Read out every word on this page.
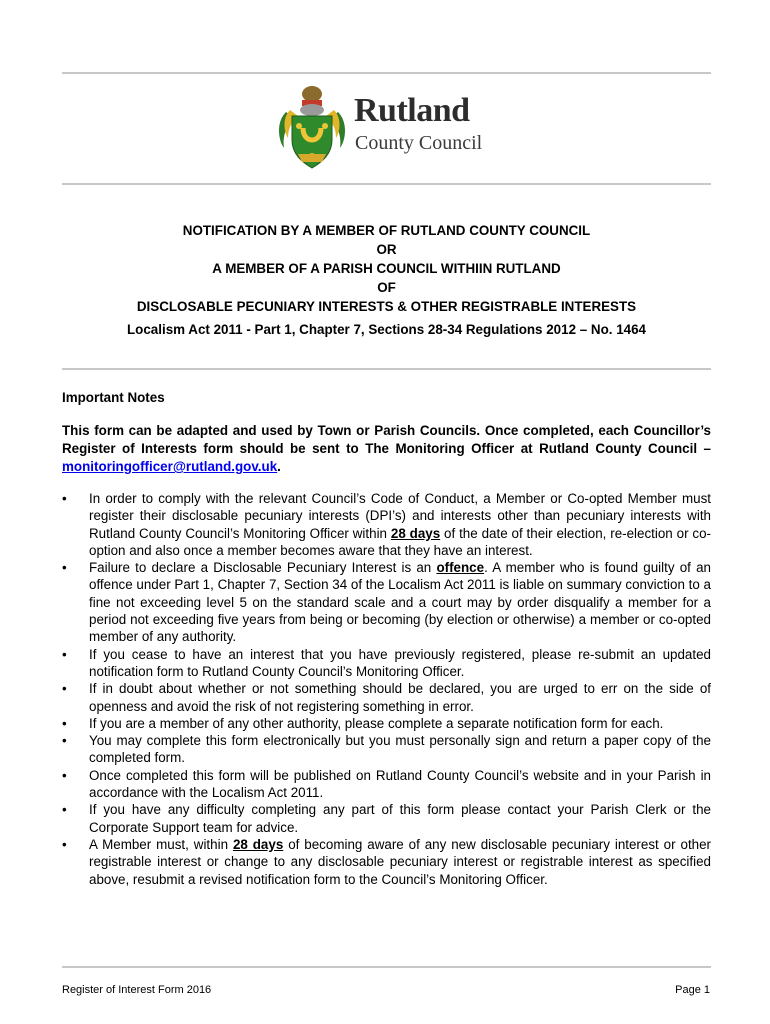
Rutland
County Council
NOTIFICATION BY A MEMBER OF RUTLAND COUNTY COUNCIL
OR
A MEMBER OF A PARISH COUNCIL WITHIIN RUTLAND
OF
DISCLOSABLE PECUNIARY INTERESTS & OTHER REGISTRABLE INTERESTS
Localism Act 2011 - Part 1, Chapter 7, Sections 28-34 Regulations 2012 – No. 1464
Important Notes
This form can be adapted and used by Town or Parish Councils. Once completed, each Councillor’s Register of Interests form should be sent to The Monitoring Officer at Rutland County Council – monitoringofficer@rutland.gov.uk.
•	In order to comply with the relevant Council’s Code of Conduct, a Member or Co-opted Member must register their disclosable pecuniary interests (DPI’s) and interests other than pecuniary interests with Rutland County Council’s Monitoring Officer within 28 days of the date of their election, re-election or co-option and also once a member becomes aware that they have an interest.
•	Failure to declare a Disclosable Pecuniary Interest is an offence. A member who is found guilty of an offence under Part 1, Chapter 7, Section 34 of the Localism Act 2011 is liable on summary conviction to a fine not exceeding level 5 on the standard scale and a court may by order disqualify a member for a period not exceeding five years from being or becoming (by election or otherwise) a member or co-opted member of any authority.
•	If you cease to have an interest that you have previously registered, please re-submit an updated notification form to Rutland County Council’s Monitoring Officer.
•	If in doubt about whether or not something should be declared, you are urged to err on the side of openness and avoid the risk of not registering something in error.
•	If you are a member of any other authority, please complete a separate notification form for each.
•	You may complete this form electronically but you must personally sign and return a paper copy of the completed form.
•	Once completed this form will be published on Rutland County Council’s website and in your Parish in accordance with the Localism Act 2011.
•	If you have any difficulty completing any part of this form please contact your Parish Clerk or the Corporate Support team for advice.
•	A Member must, within 28 days of becoming aware of any new disclosable pecuniary interest or other registrable interest or change to any disclosable pecuniary interest or registrable interest as specified above, resubmit a revised notification form to the Council’s Monitoring Officer.
Register of Interest Form 2016	Page 1
